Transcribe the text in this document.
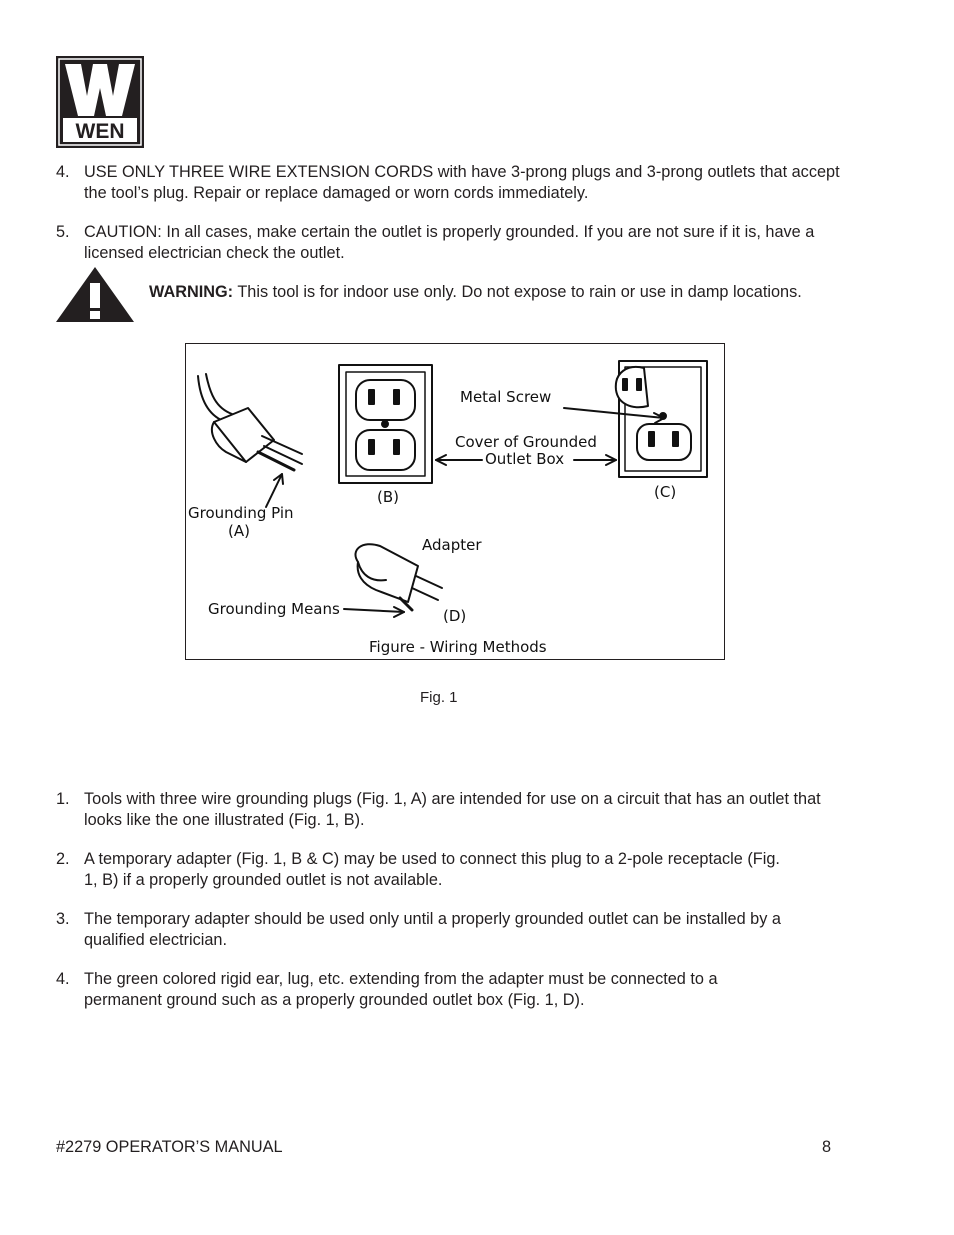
WEN
4. USE ONLY THREE WIRE EXTENSION CORDS with have 3-prong plugs and 3-prong outlets that accept the tool’s plug. Repair or replace damaged or worn cords immediately.
5. CAUTION: In all cases, make certain the outlet is properly grounded. If you are not sure if it is, have a licensed electrician check the outlet.
WARNING: This tool is for indoor use only. Do not expose to rain or use in damp locations.
Metal Screw
Cover of Grounded
Outlet Box
(B)	(C)
Grounding Pin
(A)
Adapter
Grounding Means	(D)
Figure - Wiring Methods
Fig. 1
1. Tools with three wire grounding plugs (Fig. 1, A) are intended for use on a circuit that has an outlet that looks like the one illustrated (Fig. 1, B).
2. A temporary adapter (Fig. 1, B & C) may be used to connect this plug to a 2-pole receptacle (Fig. 1, B) if a properly grounded outlet is not available.
3. The temporary adapter should be used only until a properly grounded outlet can be installed by a qualified electrician.
4. The green colored rigid ear, lug, etc. extending from the adapter must be connected to a permanent ground such as a properly grounded outlet box (Fig. 1, D).
#2279 OPERATOR’S MANUAL	8
